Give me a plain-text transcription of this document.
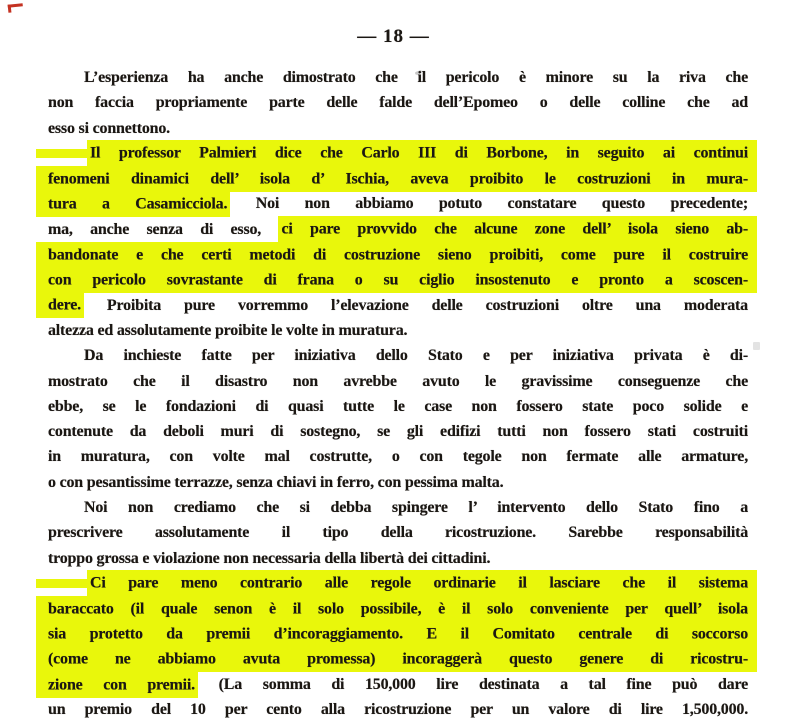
— 18 —
L’esperienza ha anche dimostrato che il pericolo è minore su la riva che
non faccia propriamente parte delle falde dell’Epomeo o delle colline che ad
esso si connettono.
Il professor Palmieri dice che Carlo III di Borbone, in seguito ai continui
fenomeni dinamici dell’ isola d’ Ischia, aveva proibito le costruzioni in mura-
tura a Casamicciola. Noi non abbiamo potuto constatare questo precedente;
ma, anche senza di esso, ci pare provvido che alcune zone dell’ isola sieno ab-
bandonate e che certi metodi di costruzione sieno proibiti, come pure il costruire
con pericolo sovrastante di frana o su ciglio insostenuto e pronto a scoscen-
dere. Proibita pure vorremmo l’elevazione delle costruzioni oltre una moderata
altezza ed assolutamente proibite le volte in muratura.
Da inchieste fatte per iniziativa dello Stato e per iniziativa privata è di-
mostrato che il disastro non avrebbe avuto le gravissime conseguenze che
ebbe, se le fondazioni di quasi tutte le case non fossero state poco solide e
contenute da deboli muri di sostegno, se gli edifizi tutti non fossero stati costruiti
in muratura, con volte mal costrutte, o con tegole non fermate alle armature,
o con pesantissime terrazze, senza chiavi in ferro, con pessima malta.
Noi non crediamo che si debba spingere l’ intervento dello Stato fino a
prescrivere assolutamente il tipo della ricostruzione. Sarebbe responsabilità
troppo grossa e violazione non necessaria della libertà dei cittadini.
Ci pare meno contrario alle regole ordinarie il lasciare che il sistema
baraccato (il quale senon è il solo possibile, è il solo conveniente per quell’ isola
sia protetto da premii d’incoraggiamento. E il Comitato centrale di soccorso
(come ne abbiamo avuta promessa) incoraggerà questo genere di ricostru-
zione con premii. (La somma di 150,000 lire destinata a tal fine può dare
un premio del 10 per cento alla ricostruzione per un valore di lire 1,500,000.
